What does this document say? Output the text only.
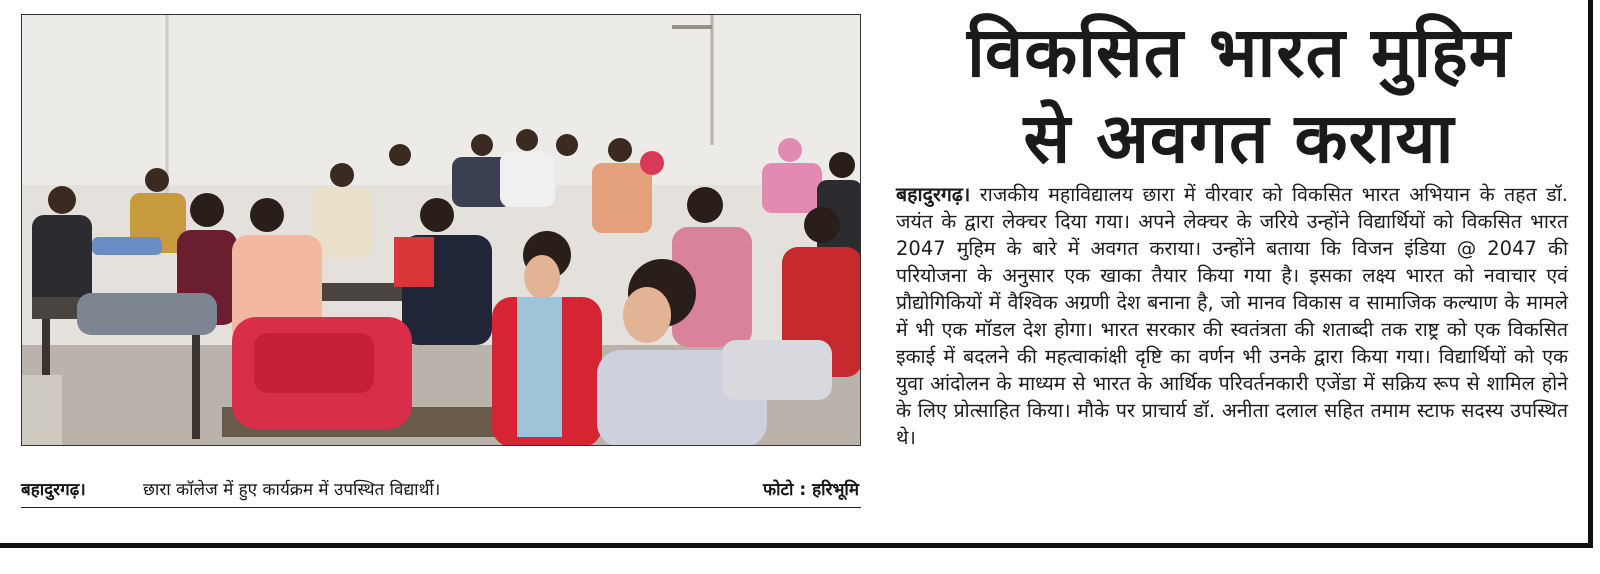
बहादुरगढ़।	छारा कॉलेज में हुए कार्यक्रम में उपस्थित विद्यार्थी।	फोटो : हरिभूमि
विकसित भारत मुहिम
से अवगत कराया
बहादुरगढ़। राजकीय महाविद्यालय छारा में वीरवार को विकसित भारत अभियान के तहत डॉ. जयंत के द्वारा लेक्चर दिया गया। अपने लेक्चर के जरिये उन्होंने विद्यार्थियों को विकसित भारत 2047 मुहिम के बारे में अवगत कराया। उन्होंने बताया कि विजन इंडिया @ 2047 की परियोजना के अनुसार एक खाका तैयार किया गया है। इसका लक्ष्य भारत को नवाचार एवं प्रौद्योगिकियों में वैश्विक अग्रणी देश बनाना है, जो मानव विकास व सामाजिक कल्याण के मामले में भी एक मॉडल देश होगा। भारत सरकार की स्वतंत्रता की शताब्दी तक राष्ट्र को एक विकसित इकाई में बदलने की महत्वाकांक्षी दृष्टि का वर्णन भी उनके द्वारा किया गया। विद्यार्थियों को एक युवा आंदोलन के माध्यम से भारत के आर्थिक परिवर्तनकारी एजेंडा में सक्रिय रूप से शामिल होने के लिए प्रोत्साहित किया। मौके पर प्राचार्य डॉ. अनीता दलाल सहित तमाम स्टाफ सदस्य उपस्थित थे।
